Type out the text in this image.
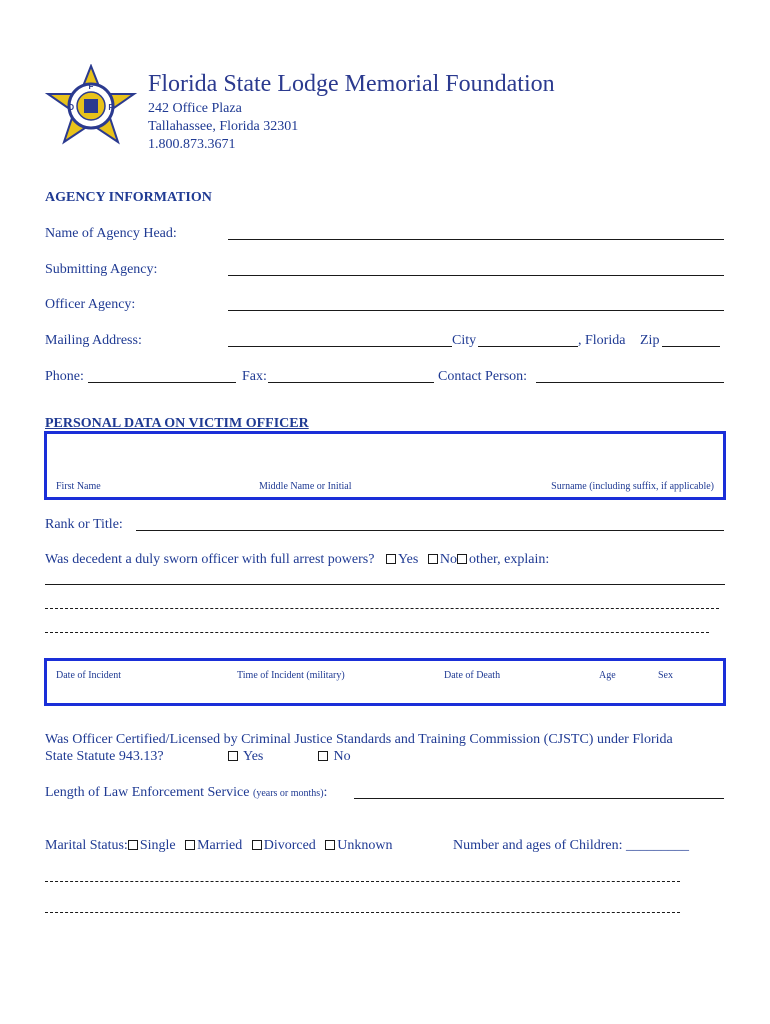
F
O	P
Florida State Lodge Memorial Foundation
242 Office Plaza
Tallahassee, Florida 32301
1.800.873.3671
AGENCY INFORMATION
Name of Agency Head:
Submitting Agency:
Officer Agency:
Mailing Address:	City	, Florida Zip
Phone:	Fax:	Contact Person:
PERSONAL DATA ON VICTIM OFFICER
First Name	Middle Name or Initial	Surname (including suffix, if applicable)
Rank or Title:
Was decedent a duly sworn officer with full arrest powers? Yes No other, explain:
Date of Incident	Time of Incident (military)	Date of Death	Age	Sex
Was Officer Certified/Licensed by Criminal Justice Standards and Training Commission (CJSTC) under Florida
State Statute 943.13?	Yes	No
Length of Law Enforcement Service (years or months):
Marital Status: Single Married Divorced Unknown	Number and ages of Children: _________
